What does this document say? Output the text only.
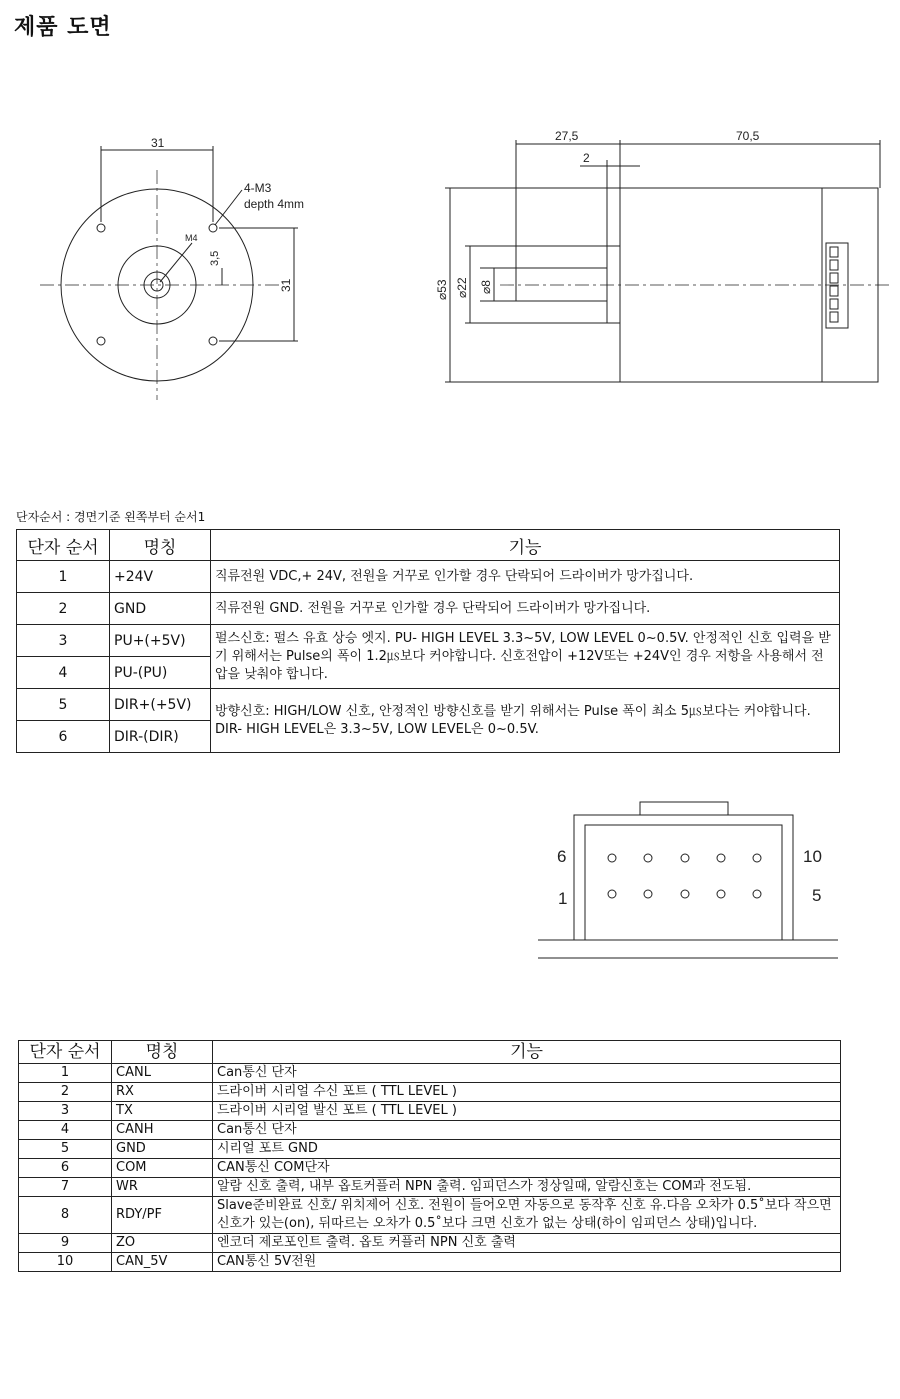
제품 도면
31
31
3,5
4-M3
depth 4mm
M4
27,5	70,5
2
⌀53 ⌀22 ⌀8
6	10
1	5
단자순서 : 경면기준 왼쪽부터 순서1
단자 순서	명칭	기능
1	+24V	직류전원 VDC,+ 24V, 전원을 거꾸로 인가할 경우 단락되어 드라이버가 망가집니다.
2	GND	직류전원 GND. 전원을 거꾸로 인가할 경우 단락되어 드라이버가 망가집니다.
3	PU+(+5V)	펄스신호: 펄스 유효 상승 엣지. PU- HIGH LEVEL 3.3~5V, LOW LEVEL 0~0.5V. 안정적인 신호 입력을 받기 위해서는 Pulse의 폭이 1.2㎲보다 커야합니다. 신호전압이 +12V또는 +24V인 경우 저항을 사용해서 전압을 낮춰야 합니다.
4	PU-(PU)	
5	DIR+(+5V)	방향신호: HIGH/LOW 신호, 안정적인 방향신호를 받기 위해서는 Pulse 폭이 최소 5㎲보다는 커야합니다. DIR- HIGH LEVEL은 3.3~5V, LOW LEVEL은 0~0.5V.
6	DIR-(DIR)	
단자 순서	명칭	기능
1	CANL	Can통신 단자
2	RX	드라이버 시리얼 수신 포트 ( TTL LEVEL )
3	TX	드라이버 시리얼 발신 포트 ( TTL LEVEL )
4	CANH	Can통신 단자
5	GND	시리얼 포트 GND
6	COM	CAN통신 COM단자
7	WR	알람 신호 출력, 내부 옵토커플러 NPN 출력. 임피던스가 정상일때, 알람신호는 COM과 전도됨.
8	RDY/PF	Slave준비완료 신호/ 위치제어 신호. 전원이 들어오면 자동으로 동작후 신호 유.다음 오차가 0.5˚보다 작으면 신호가 있는(on), 뒤따르는 오차가 0.5˚보다 크면 신호가 없는 상태(하이 임피던스 상태)입니다.
9	ZO	엔코더 제로포인트 출력. 옵토 커플러 NPN 신호 출력
10	CAN_5V	CAN통신 5V전원
